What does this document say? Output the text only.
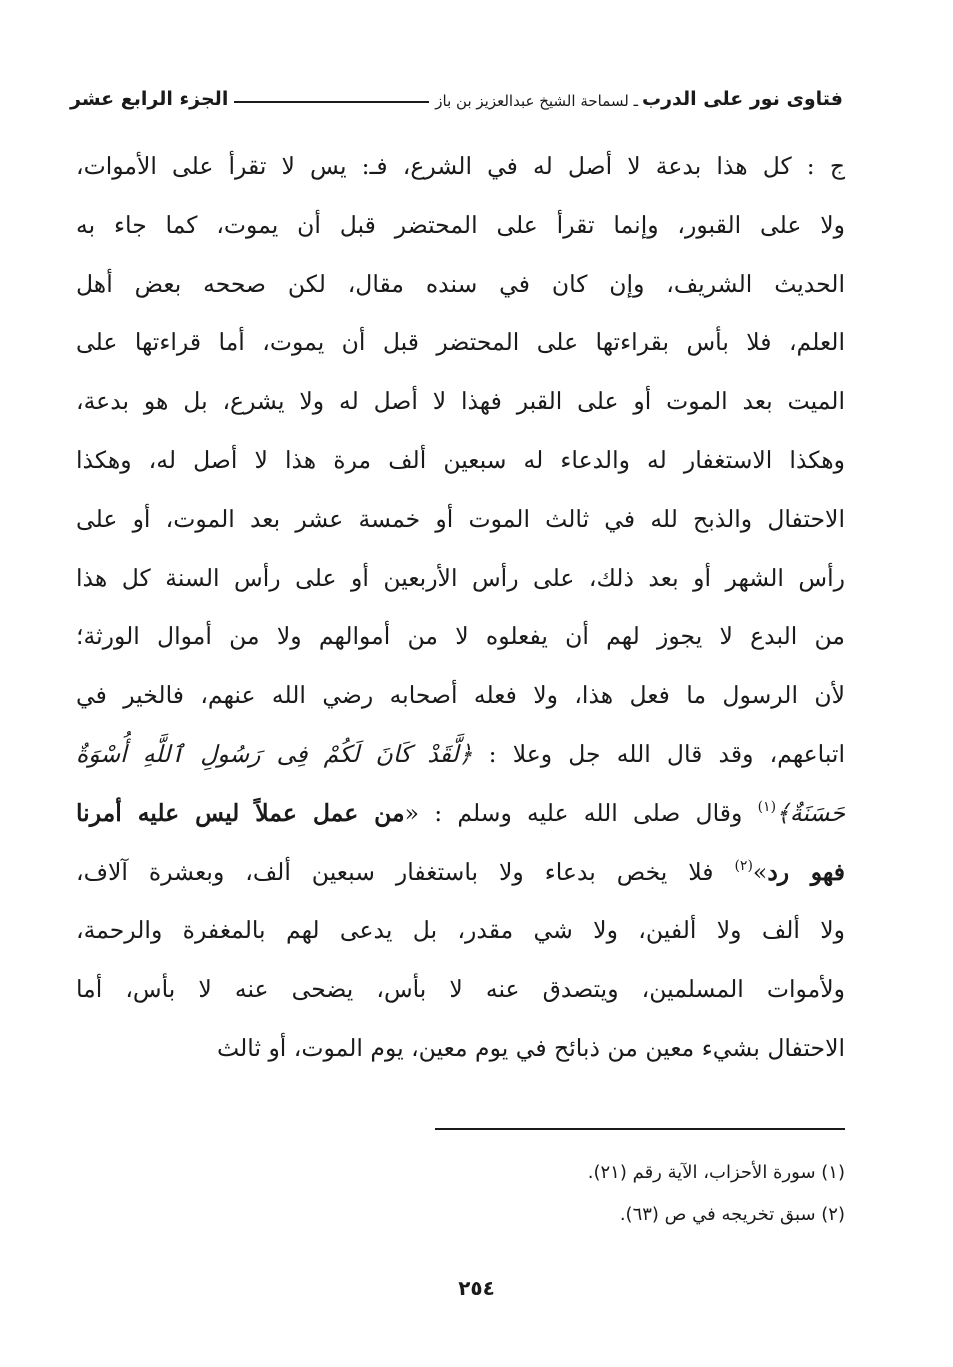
فتاوى نور على الدرب
ـ لسماحة الشيخ عبدالعزيز بن باز
الجزء الرابع عشر
ج : كل هذا بدعة لا أصل له في الشرع، فـ: يس لا تقرأ على الأموات،
ولا على القبور، وإنما تقرأ على المحتضر قبل أن يموت، كما جاء به
الحديث الشريف، وإن كان في سنده مقال، لكن صححه بعض أهل
العلم، فلا بأس بقراءتها على المحتضر قبل أن يموت، أما قراءتها على
الميت بعد الموت أو على القبر فهذا لا أصل له ولا يشرع، بل هو بدعة،
وهكذا الاستغفار له والدعاء له سبعين ألف مرة هذا لا أصل له، وهكذا
الاحتفال والذبح لله في ثالث الموت أو خمسة عشر بعد الموت، أو على
رأس الشهر أو بعد ذلك، على رأس الأربعين أو على رأس السنة كل هذا
من البدع لا يجوز لهم أن يفعلوه لا من أموالهم ولا من أموال الورثة؛
لأن الرسول ما فعل هذا، ولا فعله أصحابه رضي الله عنهم، فالخير في
اتباعهم، وقد قال الله جل وعلا : ﴿لَّقَدْ كَانَ لَكُمْ فِى رَسُولِ ٱللَّهِ أُسْوَةٌ
حَسَنَةٌ﴾$^{(١)}$ وقال صلى الله عليه وسلم : «من عمل عملاً ليس عليه أمرنا
فهو رد»$^{(٢)}$ فلا يخص بدعاء ولا باستغفار سبعين ألف، وبعشرة آلاف،
ولا ألف ولا ألفين، ولا شي مقدر، بل يدعى لهم بالمغفرة والرحمة،
ولأموات المسلمين، ويتصدق عنه لا بأس، يضحى عنه لا بأس، أما
الاحتفال بشيء معين من ذبائح في يوم معين، يوم الموت، أو ثالث
(١) سورة الأحزاب، الآية رقم (٢١).
(٢) سبق تخريجه في ص (٦٣).
٢٥٤
